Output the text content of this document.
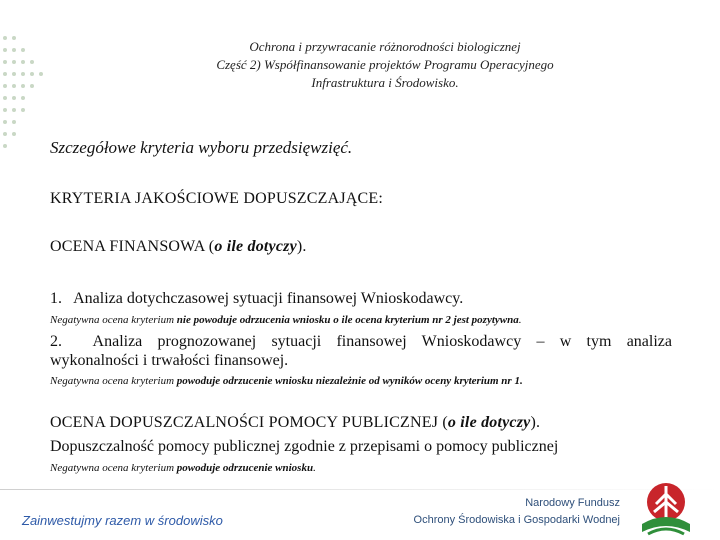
Ochrona i przywracanie różnorodności biologicznej
Część 2) Współfinansowanie projektów Programu Operacyjnego
Infrastruktura i Środowisko.
Szczegółowe kryteria wyboru przedsięwzięć.
KRYTERIA JAKOŚCIOWE DOPUSZCZAJĄCE:
OCENA FINANSOWA (o ile dotyczy).
1. Analiza dotychczasowej sytuacji finansowej Wnioskodawcy.
Negatywna ocena kryterium nie powoduje odrzucenia wniosku o ile ocena kryterium nr 2 jest pozytywna.
2. Analiza prognozowanej sytuacji finansowej Wnioskodawcy – w tym analiza
wykonalności i trwałości finansowej.
Negatywna ocena kryterium powoduje odrzucenie wniosku niezależnie od wyników oceny kryterium nr 1.
OCENA DOPUSZCZALNOŚCI POMOCY PUBLICZNEJ (o ile dotyczy).
Dopuszczalność pomocy publicznej zgodnie z przepisami o pomocy publicznej
Negatywna ocena kryterium powoduje odrzucenie wniosku.
Zainwestujmy razem w środowisko
Narodowy Fundusz
Ochrony Środowiska i Gospodarki Wodnej
